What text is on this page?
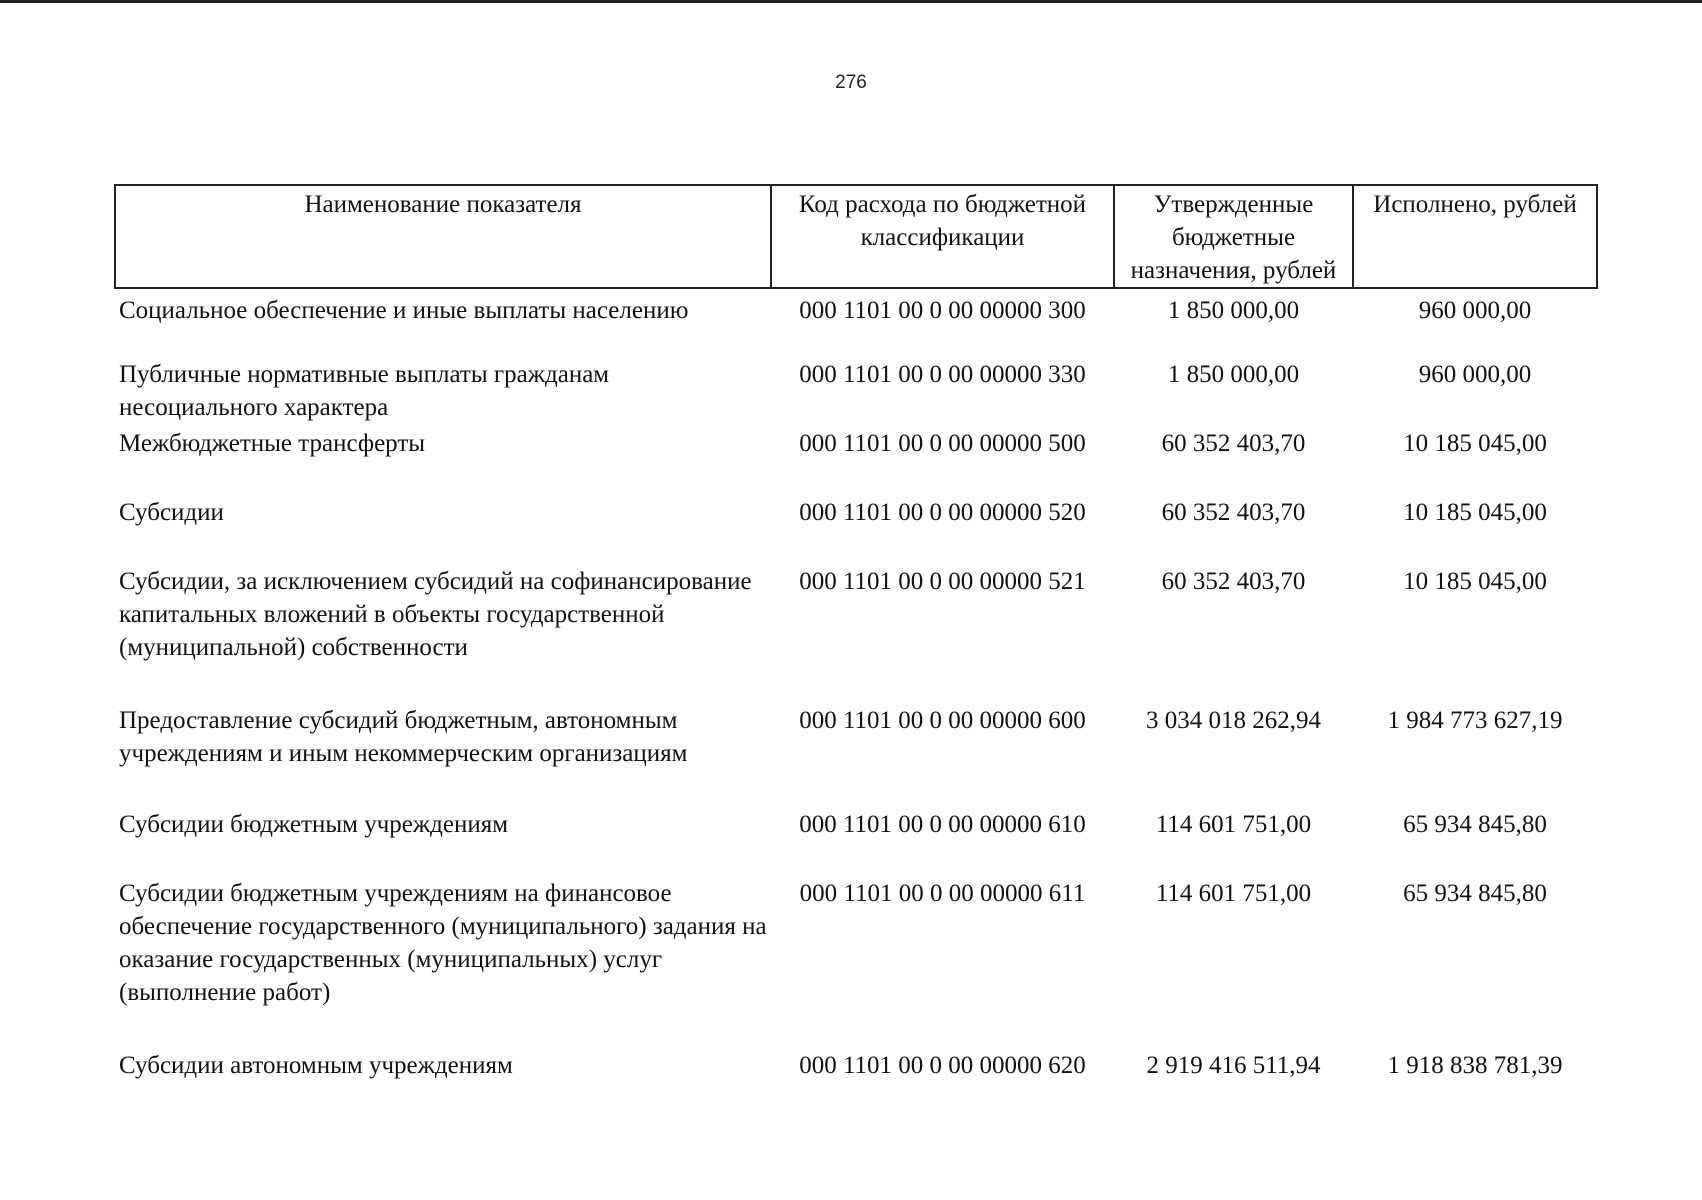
276
Наименование показателя	Код расхода по бюджетной классификации	Утвержденные бюджетные назначения, рублей	Исполнено, рублей
Социальное обеспечение и иные выплаты населению	000 1101 00 0 00 00000 300	1 850 000,00	960 000,00
Публичные нормативные выплаты гражданам несоциального характера	000 1101 00 0 00 00000 330	1 850 000,00	960 000,00
Межбюджетные трансферты	000 1101 00 0 00 00000 500	60 352 403,70	10 185 045,00
Субсидии	000 1101 00 0 00 00000 520	60 352 403,70	10 185 045,00
Субсидии, за исключением субсидий на софинансирование капитальных вложений в объекты государственной (муниципальной) собственности	000 1101 00 0 00 00000 521	60 352 403,70	10 185 045,00
Предоставление субсидий бюджетным, автономным учреждениям и иным некоммерческим организациям	000 1101 00 0 00 00000 600	3 034 018 262,94	1 984 773 627,19
Субсидии бюджетным учреждениям	000 1101 00 0 00 00000 610	114 601 751,00	65 934 845,80
Субсидии бюджетным учреждениям на финансовое обеспечение государственного (муниципального) задания на оказание государственных (муниципальных) услуг (выполнение работ)	000 1101 00 0 00 00000 611	114 601 751,00	65 934 845,80
Субсидии автономным учреждениям	000 1101 00 0 00 00000 620	2 919 416 511,94	1 918 838 781,39
